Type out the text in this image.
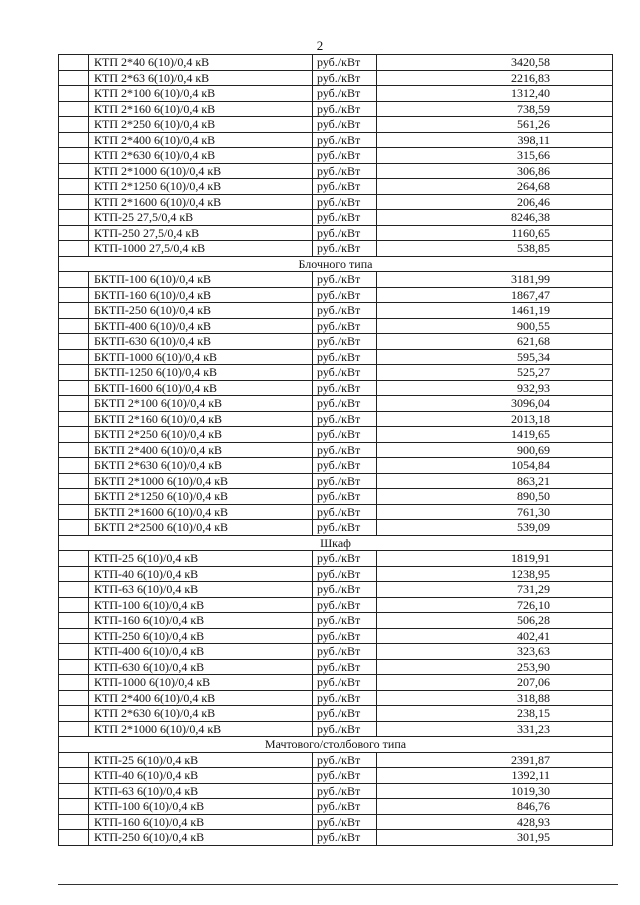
2
	КТП 2*40 6(10)/0,4 кВ	руб./кВт	3420,58
	КТП 2*63 6(10)/0,4 кВ	руб./кВт	2216,83
	КТП 2*100 6(10)/0,4 кВ	руб./кВт	1312,40
	КТП 2*160 6(10)/0,4 кВ	руб./кВт	738,59
	КТП 2*250 6(10)/0,4 кВ	руб./кВт	561,26
	КТП 2*400 6(10)/0,4 кВ	руб./кВт	398,11
	КТП 2*630 6(10)/0,4 кВ	руб./кВт	315,66
	КТП 2*1000 6(10)/0,4 кВ	руб./кВт	306,86
	КТП 2*1250 6(10)/0,4 кВ	руб./кВт	264,68
	КТП 2*1600 6(10)/0,4 кВ	руб./кВт	206,46
	КТП-25 27,5/0,4 кВ	руб./кВт	8246,38
	КТП-250 27,5/0,4 кВ	руб./кВт	1160,65
	КТП-1000 27,5/0,4 кВ	руб./кВт	538,85
Блочного типа			
	БКТП-100 6(10)/0,4 кВ	руб./кВт	3181,99
	БКТП-160 6(10)/0,4 кВ	руб./кВт	1867,47
	БКТП-250 6(10)/0,4 кВ	руб./кВт	1461,19
	БКТП-400 6(10)/0,4 кВ	руб./кВт	900,55
	БКТП-630 6(10)/0,4 кВ	руб./кВт	621,68
	БКТП-1000 6(10)/0,4 кВ	руб./кВт	595,34
	БКТП-1250 6(10)/0,4 кВ	руб./кВт	525,27
	БКТП-1600 6(10)/0,4 кВ	руб./кВт	932,93
	БКТП 2*100 6(10)/0,4 кВ	руб./кВт	3096,04
	БКТП 2*160 6(10)/0,4 кВ	руб./кВт	2013,18
	БКТП 2*250 6(10)/0,4 кВ	руб./кВт	1419,65
	БКТП 2*400 6(10)/0,4 кВ	руб./кВт	900,69
	БКТП 2*630 6(10)/0,4 кВ	руб./кВт	1054,84
	БКТП 2*1000 6(10)/0,4 кВ	руб./кВт	863,21
	БКТП 2*1250 6(10)/0,4 кВ	руб./кВт	890,50
	БКТП 2*1600 6(10)/0,4 кВ	руб./кВт	761,30
	БКТП 2*2500 6(10)/0,4 кВ	руб./кВт	539,09
Шкаф			
	КТП-25 6(10)/0,4 кВ	руб./кВт	1819,91
	КТП-40 6(10)/0,4 кВ	руб./кВт	1238,95
	КТП-63 6(10)/0,4 кВ	руб./кВт	731,29
	КТП-100 6(10)/0,4 кВ	руб./кВт	726,10
	КТП-160 6(10)/0,4 кВ	руб./кВт	506,28
	КТП-250 6(10)/0,4 кВ	руб./кВт	402,41
	КТП-400 6(10)/0,4 кВ	руб./кВт	323,63
	КТП-630 6(10)/0,4 кВ	руб./кВт	253,90
	КТП-1000 6(10)/0,4 кВ	руб./кВт	207,06
	КТП 2*400 6(10)/0,4 кВ	руб./кВт	318,88
	КТП 2*630 6(10)/0,4 кВ	руб./кВт	238,15
	КТП 2*1000 6(10)/0,4 кВ	руб./кВт	331,23
Мачтового/столбового типа			
	КТП-25 6(10)/0,4 кВ	руб./кВт	2391,87
	КТП-40 6(10)/0,4 кВ	руб./кВт	1392,11
	КТП-63 6(10)/0,4 кВ	руб./кВт	1019,30
	КТП-100 6(10)/0,4 кВ	руб./кВт	846,76
	КТП-160 6(10)/0,4 кВ	руб./кВт	428,93
	КТП-250 6(10)/0,4 кВ	руб./кВт	301,95
